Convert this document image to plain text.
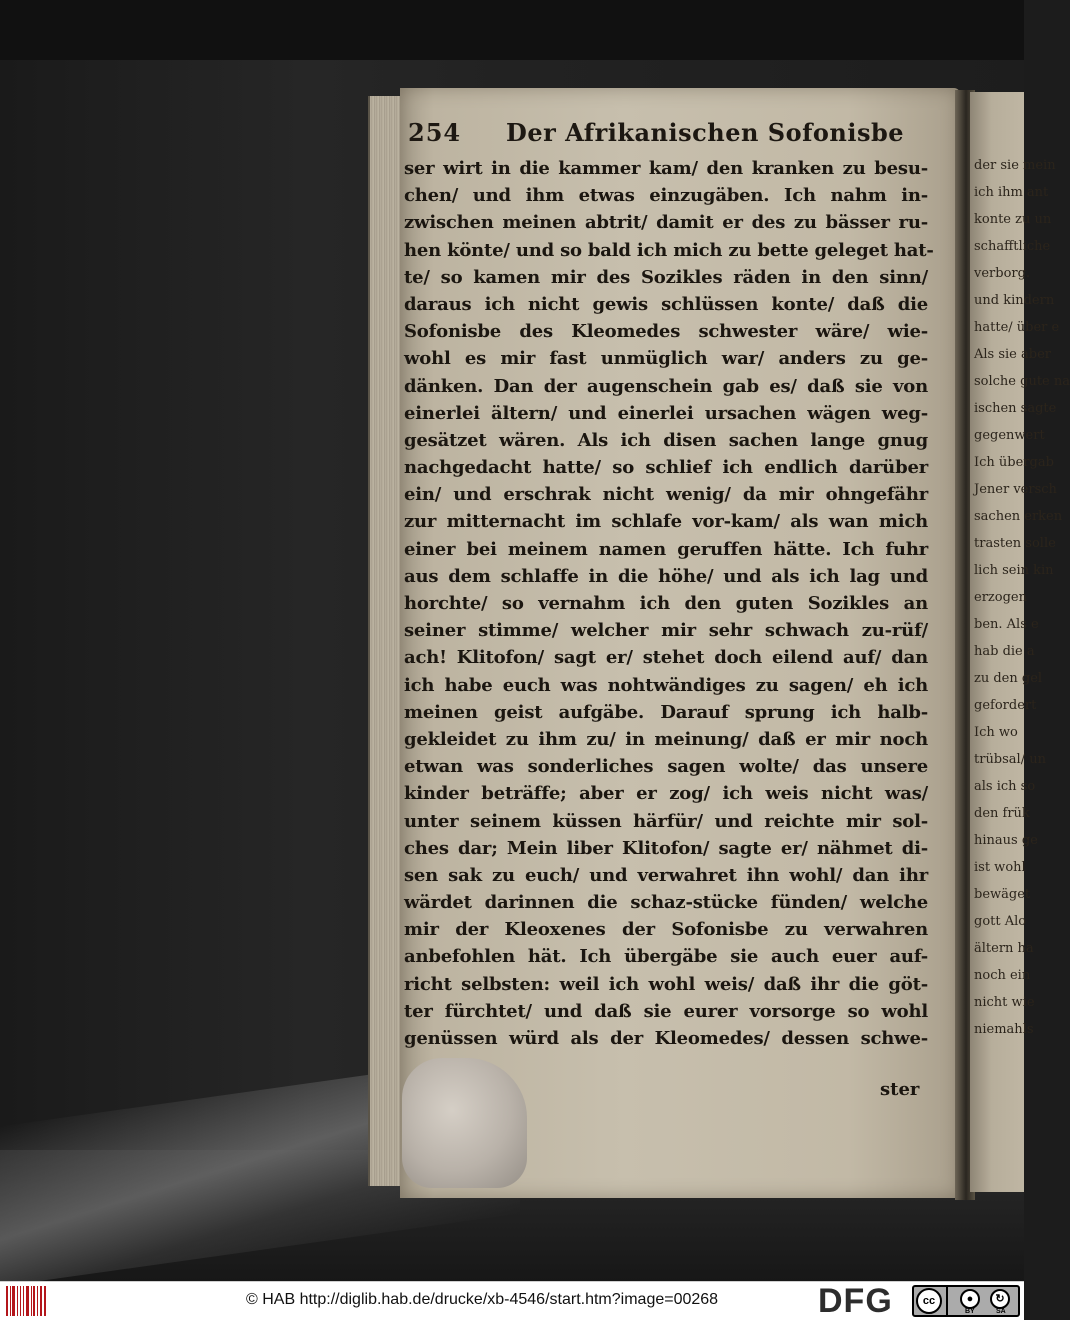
der sie mein
ich ihm ant
konte zu un
schafftliche
verborg.
und kindern
hatte/ über e
Als sie aber
solche gute na
ischen sagte
gegenwert
Ich übergab
Jener versch
sachen erken
trasten solle
lich sein kin
erzogen
ben. Als e
hab die a
zu den gel
gefordert
Ich wo
trübsal/ un
als ich so
den frük
hinaus ge
ist wohl
bewäget
gott Alo
ältern ha
noch ein
nicht wie
niemahls
254 Der Afrikanischen Sofonisbe
ser wirt in die kammer kam/ den kranken zu besu-
chen/ und ihm etwas einzugäben. Ich nahm in-
zwischen meinen abtrit/ damit er des zu bässer ru-
hen könte/ und so bald ich mich zu bette geleget hat-
te/ so kamen mir des Sozikles räden in den sinn/
daraus ich nicht gewis schlüssen konte/ daß die
Sofonisbe des Kleomedes schwester wäre/ wie-
wohl es mir fast unmüglich war/ anders zu ge-
dänken. Dan der augenschein gab es/ daß sie von
einerlei ältern/ und einerlei ursachen wägen weg-
gesätzet wären. Als ich disen sachen lange gnug
nachgedacht hatte/ so schlief ich endlich darüber
ein/ und erschrak nicht wenig/ da mir ohngefähr
zur mitternacht im schlafe vor-kam/ als wan mich
einer bei meinem namen geruffen hätte. Ich fuhr
aus dem schlaffe in die höhe/ und als ich lag und
horchte/ so vernahm ich den guten Sozikles an
seiner stimme/ welcher mir sehr schwach zu-rüf/
ach! Klitofon/ sagt er/ stehet doch eilend auf/ dan
ich habe euch was nohtwändiges zu sagen/ eh ich
meinen geist aufgäbe. Darauf sprung ich halb-
gekleidet zu ihm zu/ in meinung/ daß er mir noch
etwan was sonderliches sagen wolte/ das unsere
kinder beträffe; aber er zog/ ich weis nicht was/
unter seinem küssen härfür/ und reichte mir sol-
ches dar; Mein liber Klitofon/ sagte er/ nähmet di-
sen sak zu euch/ und verwahret ihn wohl/ dan ihr
wärdet darinnen die schaz-stücke fünden/ welche
mir der Kleoxenes der Sofonisbe zu verwahren
anbefohlen hät. Ich übergäbe sie auch euer auf-
richt selbsten: weil ich wohl weis/ daß ihr die göt-
ter fürchtet/ und daß sie eurer vorsorge so wohl
genüssen würd als der Kleomedes/ dessen schwe-
ster
© HAB http://diglib.hab.de/drucke/xb-4546/start.htm?image=00268	DFG	cc	●	↻
BY	SA
